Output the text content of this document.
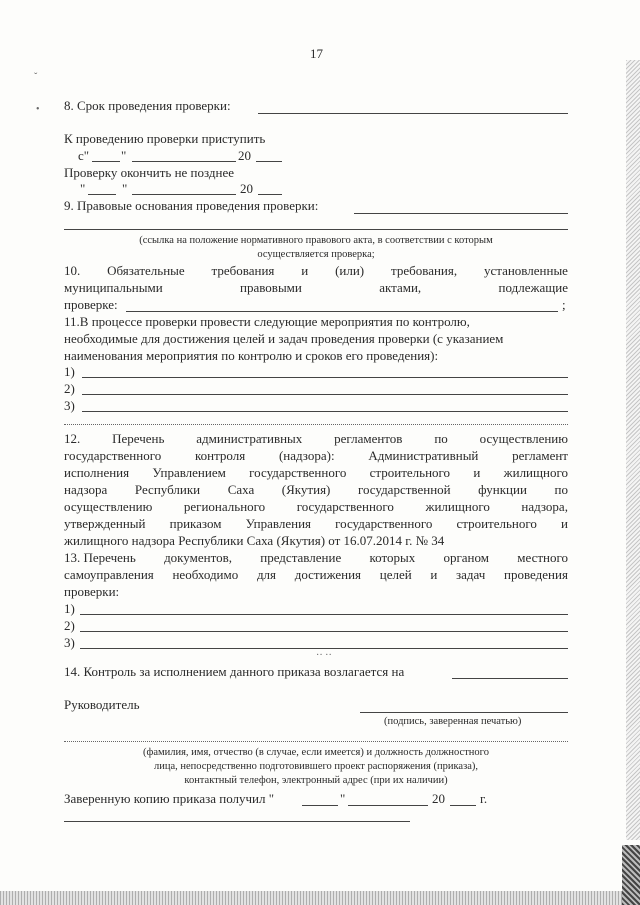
ˇ
•
17
8. Срок проведения проверки:
К проведению проверки приступить
с" "	20
Проверку окончить не позднее
"	"	20
9. Правовые основания проведения проверки:
(ссылка на положение нормативного правового акта, в соответствии с которым
осуществляется проверка;
10. Обязательные требования и (или) требования, установленные
муниципальными	правовыми	актами,	подлежащие
проверке:	;
11.В процессе проверки провести следующие мероприятия по контролю,
необходимые для достижения целей и задач проведения проверки (с указанием
наименования мероприятия по контролю и сроков его проведения):
1)
2)
3)
12. Перечень административных регламентов по осуществлению
государственного	контроля	(надзора):	Административный	регламент
исполнения Управлением государственного строительного и жилищного
надзора Республики Саха (Якутия) государственной функции по
осуществлению регионального государственного жилищного надзора,
утвержденный приказом Управления государственного строительного и
жилищного надзора Республики Саха (Якутия) от 16.07.2014 г. № 34
13. Перечень документов, представление которых органом местного
самоуправления необходимо для достижения целей и задач проведения
проверки:
1)
2)
3)
·· ··
14. Контроль за исполнением данного приказа возлагается на
Руководитель
(подпись, заверенная печатью)
(фамилия, имя, отчество (в случае, если имеется) и должность должностного
лица, непосредственно подготовившего проект распоряжения (приказа),
контактный телефон, электронный адрес (при их наличии)
Заверенную копию приказа получил "	"	20	г.
